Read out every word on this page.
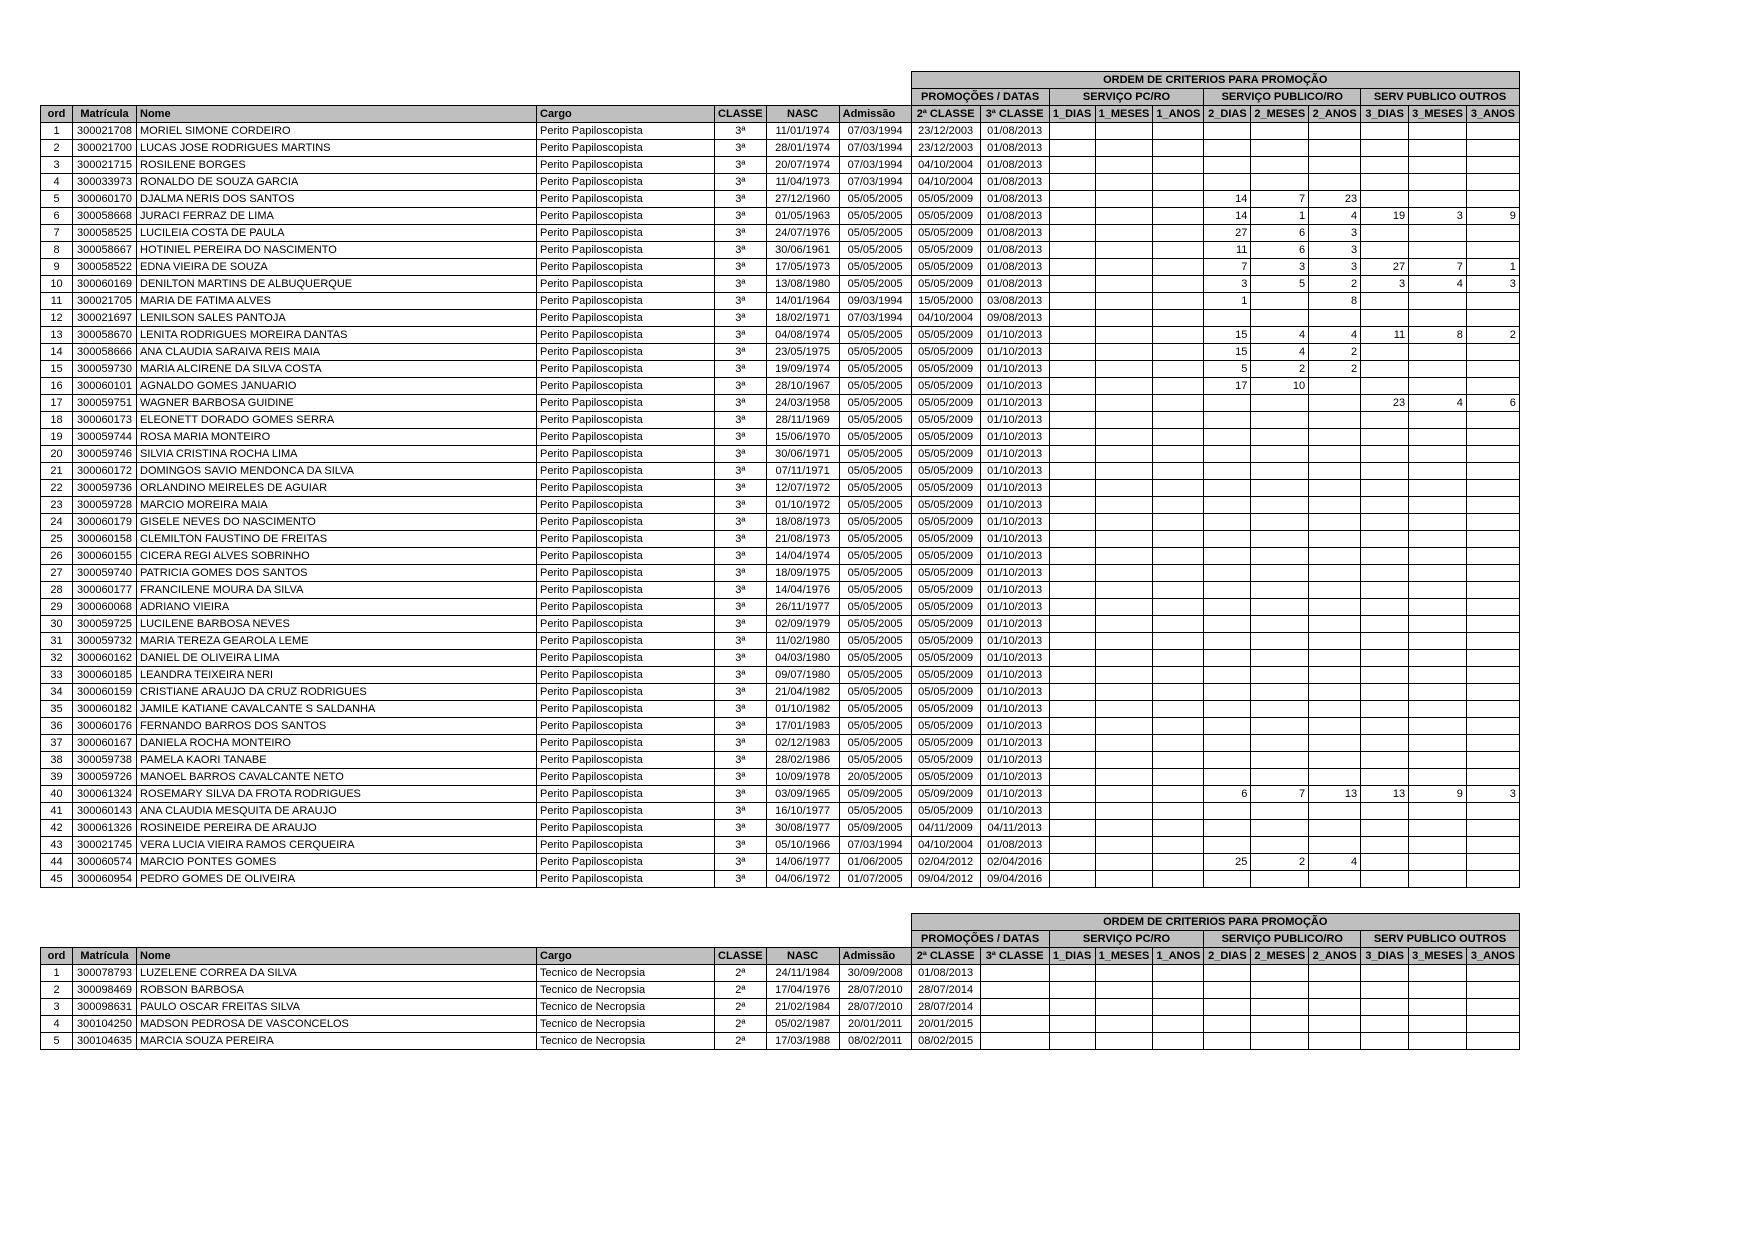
							ORDEM DE CRITERIOS PARA PROMOÇÃO										
							PROMOÇÕES / DATAS		SERVIÇO PC/RO			SERVIÇO PUBLICO/RO			SERV PUBLICO OUTROS		
ord	Matrícula	Nome	Cargo	CLASSE	NASC	Admissão	2ª CLASSE	3ª CLASSE	1_DIAS	1_MESES	1_ANOS	2_DIAS	2_MESES	2_ANOS	3_DIAS	3_MESES	3_ANOS
1	300021708	MORIEL SIMONE CORDEIRO	Perito Papiloscopista	3ª	11/01/1974	07/03/1994	23/12/2003	01/08/2013									
2	300021700	LUCAS JOSE RODRIGUES MARTINS	Perito Papiloscopista	3ª	28/01/1974	07/03/1994	23/12/2003	01/08/2013									
3	300021715	ROSILENE BORGES	Perito Papiloscopista	3ª	20/07/1974	07/03/1994	04/10/2004	01/08/2013									
4	300033973	RONALDO DE SOUZA GARCIA	Perito Papiloscopista	3ª	11/04/1973	07/03/1994	04/10/2004	01/08/2013									
5	300060170	DJALMA NERIS DOS SANTOS	Perito Papiloscopista	3ª	27/12/1960	05/05/2005	05/05/2009	01/08/2013				14	7	23			
6	300058668	JURACI FERRAZ DE LIMA	Perito Papiloscopista	3ª	01/05/1963	05/05/2005	05/05/2009	01/08/2013				14	1	4	19	3	9
7	300058525	LUCILEIA COSTA DE PAULA	Perito Papiloscopista	3ª	24/07/1976	05/05/2005	05/05/2009	01/08/2013				27	6	3			
8	300058667	HOTINIEL PEREIRA DO NASCIMENTO	Perito Papiloscopista	3ª	30/06/1961	05/05/2005	05/05/2009	01/08/2013				11	6	3			
9	300058522	EDNA VIEIRA DE SOUZA	Perito Papiloscopista	3ª	17/05/1973	05/05/2005	05/05/2009	01/08/2013				7	3	3	27	7	1
10	300060169	DENILTON MARTINS DE ALBUQUERQUE	Perito Papiloscopista	3ª	13/08/1980	05/05/2005	05/05/2009	01/08/2013				3	5	2	3	4	3
11	300021705	MARIA DE FATIMA ALVES	Perito Papiloscopista	3ª	14/01/1964	09/03/1994	15/05/2000	03/08/2013				1		8			
12	300021697	LENILSON SALES PANTOJA	Perito Papiloscopista	3ª	18/02/1971	07/03/1994	04/10/2004	09/08/2013									
13	300058670	LENITA RODRIGUES MOREIRA DANTAS	Perito Papiloscopista	3ª	04/08/1974	05/05/2005	05/05/2009	01/10/2013				15	4	4	11	8	2
14	300058666	ANA CLAUDIA SARAIVA REIS MAIA	Perito Papiloscopista	3ª	23/05/1975	05/05/2005	05/05/2009	01/10/2013				15	4	2			
15	300059730	MARIA ALCIRENE DA SILVA COSTA	Perito Papiloscopista	3ª	19/09/1974	05/05/2005	05/05/2009	01/10/2013				5	2	2			
16	300060101	AGNALDO GOMES JANUARIO	Perito Papiloscopista	3ª	28/10/1967	05/05/2005	05/05/2009	01/10/2013				17	10				
17	300059751	WAGNER BARBOSA GUIDINE	Perito Papiloscopista	3ª	24/03/1958	05/05/2005	05/05/2009	01/10/2013							23	4	6
18	300060173	ELEONETT DORADO GOMES SERRA	Perito Papiloscopista	3ª	28/11/1969	05/05/2005	05/05/2009	01/10/2013									
19	300059744	ROSA MARIA MONTEIRO	Perito Papiloscopista	3ª	15/06/1970	05/05/2005	05/05/2009	01/10/2013									
20	300059746	SILVIA CRISTINA ROCHA LIMA	Perito Papiloscopista	3ª	30/06/1971	05/05/2005	05/05/2009	01/10/2013									
21	300060172	DOMINGOS SAVIO MENDONCA DA SILVA	Perito Papiloscopista	3ª	07/11/1971	05/05/2005	05/05/2009	01/10/2013									
22	300059736	ORLANDINO MEIRELES DE AGUIAR	Perito Papiloscopista	3ª	12/07/1972	05/05/2005	05/05/2009	01/10/2013									
23	300059728	MARCIO MOREIRA MAIA	Perito Papiloscopista	3ª	01/10/1972	05/05/2005	05/05/2009	01/10/2013									
24	300060179	GISELE NEVES DO NASCIMENTO	Perito Papiloscopista	3ª	18/08/1973	05/05/2005	05/05/2009	01/10/2013									
25	300060158	CLEMILTON FAUSTINO DE FREITAS	Perito Papiloscopista	3ª	21/08/1973	05/05/2005	05/05/2009	01/10/2013									
26	300060155	CICERA REGI ALVES SOBRINHO	Perito Papiloscopista	3ª	14/04/1974	05/05/2005	05/05/2009	01/10/2013									
27	300059740	PATRICIA GOMES DOS SANTOS	Perito Papiloscopista	3ª	18/09/1975	05/05/2005	05/05/2009	01/10/2013									
28	300060177	FRANCILENE MOURA DA SILVA	Perito Papiloscopista	3ª	14/04/1976	05/05/2005	05/05/2009	01/10/2013									
29	300060068	ADRIANO VIEIRA	Perito Papiloscopista	3ª	26/11/1977	05/05/2005	05/05/2009	01/10/2013									
30	300059725	LUCILENE BARBOSA NEVES	Perito Papiloscopista	3ª	02/09/1979	05/05/2005	05/05/2009	01/10/2013									
31	300059732	MARIA TEREZA GEAROLA LEME	Perito Papiloscopista	3ª	11/02/1980	05/05/2005	05/05/2009	01/10/2013									
32	300060162	DANIEL DE OLIVEIRA LIMA	Perito Papiloscopista	3ª	04/03/1980	05/05/2005	05/05/2009	01/10/2013									
33	300060185	LEANDRA TEIXEIRA NERI	Perito Papiloscopista	3ª	09/07/1980	05/05/2005	05/05/2009	01/10/2013									
34	300060159	CRISTIANE ARAUJO DA CRUZ RODRIGUES	Perito Papiloscopista	3ª	21/04/1982	05/05/2005	05/05/2009	01/10/2013									
35	300060182	JAMILE KATIANE CAVALCANTE S SALDANHA	Perito Papiloscopista	3ª	01/10/1982	05/05/2005	05/05/2009	01/10/2013									
36	300060176	FERNANDO BARROS DOS SANTOS	Perito Papiloscopista	3ª	17/01/1983	05/05/2005	05/05/2009	01/10/2013									
37	300060167	DANIELA ROCHA MONTEIRO	Perito Papiloscopista	3ª	02/12/1983	05/05/2005	05/05/2009	01/10/2013									
38	300059738	PAMELA KAORI TANABE	Perito Papiloscopista	3ª	28/02/1986	05/05/2005	05/05/2009	01/10/2013									
39	300059726	MANOEL BARROS CAVALCANTE NETO	Perito Papiloscopista	3ª	10/09/1978	20/05/2005	05/05/2009	01/10/2013									
40	300061324	ROSEMARY SILVA DA FROTA RODRIGUES	Perito Papiloscopista	3ª	03/09/1965	05/09/2005	05/09/2009	01/10/2013				6	7	13	13	9	3
41	300060143	ANA CLAUDIA MESQUITA DE ARAUJO	Perito Papiloscopista	3ª	16/10/1977	05/05/2005	05/05/2009	01/10/2013									
42	300061326	ROSINEIDE PEREIRA DE ARAUJO	Perito Papiloscopista	3ª	30/08/1977	05/09/2005	04/11/2009	04/11/2013									
43	300021745	VERA LUCIA VIEIRA RAMOS CERQUEIRA	Perito Papiloscopista	3ª	05/10/1966	07/03/1994	04/10/2004	01/08/2013									
44	300060574	MARCIO PONTES GOMES	Perito Papiloscopista	3ª	14/06/1977	01/06/2005	02/04/2012	02/04/2016				25	2	4			
45	300060954	PEDRO GOMES DE OLIVEIRA	Perito Papiloscopista	3ª	04/06/1972	01/07/2005	09/04/2012	09/04/2016									
							ORDEM DE CRITERIOS PARA PROMOÇÃO										
							PROMOÇÕES / DATAS		SERVIÇO PC/RO			SERVIÇO PUBLICO/RO			SERV PUBLICO OUTROS		
ord	Matrícula	Nome	Cargo	CLASSE	NASC	Admissão	2ª CLASSE	3ª CLASSE	1_DIAS	1_MESES	1_ANOS	2_DIAS	2_MESES	2_ANOS	3_DIAS	3_MESES	3_ANOS
1	300078793	LUZELENE CORREA DA SILVA	Tecnico de Necropsia	2ª	24/11/1984	30/09/2008	01/08/2013										
2	300098469	ROBSON BARBOSA	Tecnico de Necropsia	2ª	17/04/1976	28/07/2010	28/07/2014										
3	300098631	PAULO OSCAR FREITAS SILVA	Tecnico de Necropsia	2ª	21/02/1984	28/07/2010	28/07/2014										
4	300104250	MADSON PEDROSA DE VASCONCELOS	Tecnico de Necropsia	2ª	05/02/1987	20/01/2011	20/01/2015										
5	300104635	MARCIA SOUZA PEREIRA	Tecnico de Necropsia	2ª	17/03/1988	08/02/2011	08/02/2015										
